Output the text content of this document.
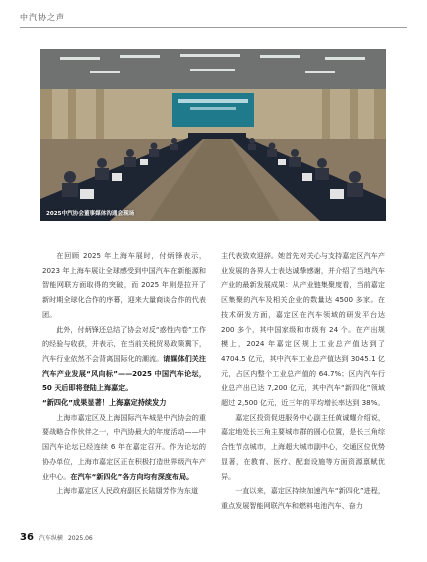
中汽协之声
2025中汽协会董事媒体沟通会现场

在回顾 2025 年上海车展时，付炳锋表示，2023 年上海车展让全球感受到中国汽车在新能源和智能网联方面取得的突破，而 2025 年则是拉开了新时期全球化合作的序幕，迎来大量商谈合作的代表团。

此外，付炳锋还总结了协会对反“惑性内卷”工作的经验与收获，并表示，在当前关税贸易政策冀下，汽车行业依然不会背离国际化的潮流。请媒体们关注汽车产业发展“风向标”——2025 中国汽车论坛，50 天后即将登陆上海嘉定。

“新四化”成果显著！上海嘉定持续发力

上海市嘉定区及上海国际汽车城是中汽协会的重要战略合作伙伴之一，中汽协最大的年度活动——中国汽车论坛已经连续 6 年在嘉定召开。作为论坛的协办单位，上海市嘉定区正在积极打造世界级汽车产业中心。在汽车“新四化”各方向均有深度布局。

上海市嘉定区人民政府副区长陆翃芳作为东道

主代表致欢迎辞。她首先对关心与支持嘉定区汽车产业发展的各界人士表达诚挚感谢，并介绍了当地汽车产业的最新发展成果：从产业链集聚度看，当前嘉定区集聚的汽车及相关企业的数量达 4500 多家。在技术研发方面，嘉定区在汽车领域的研发平台达 200 多个，其中国家级和市级有 24 个。在产出规模上，2024 年嘉定区规上工业总产值达到了 4704.5 亿元，其中汽车工业总产值达到 3045.1 亿元，占区内整个工业总产值的 64.7%；区内汽车行业总产出已达 7,200 亿元，其中汽车“新四化”领域超过 2,500 亿元，近三年的平均增长率达到 38%。

嘉定区投资促进服务中心副主任黄诚耀介绍说，嘉定地处长三角主要城市群的圆心位置，是长三角综合性节点城市，上海超大城市副中心，交通区位优势显著，在教育、医疗、配套设施等方面资源禀赋优异。

一直以来，嘉定区持续加速汽车“新四化”进程，重点发展智能网联汽车和燃料电池汽车、奋力

36 汽车纵横 2025.06
